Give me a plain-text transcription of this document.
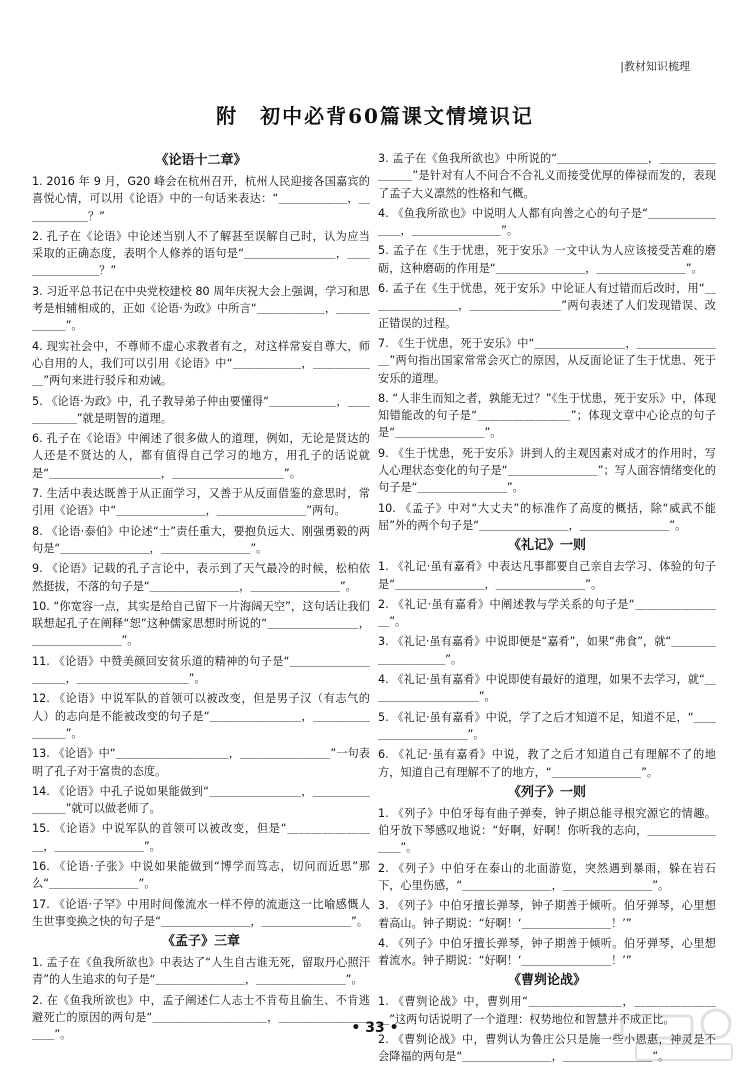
|教材知识梳理
附　初中必背60篇课文情境识记
《论语十二章》
1. 2016 年 9 月，G20 峰会在杭州召开，杭州人民迎接各国嘉宾的喜悦心情，可以用《论语》中的一句话来表达：“＿＿＿＿＿＿，＿＿＿＿＿＿？”
2. 孔子在《论语》中论述当别人不了解甚至误解自己时，认为应当采取的正确态度，表明个人修养的语句是“＿＿＿＿＿＿＿＿，＿＿＿＿＿＿＿＿？”
3. 习近平总书记在中央党校建校 80 周年庆祝大会上强调，学习和思考是相辅相成的，正如《论语·为政》中所言“＿＿＿＿＿＿，＿＿＿＿＿＿”。
4. 现实社会中，不尊师不虚心求教者有之，对这样常妄自尊大，师心自用的人，我们可以引用《论语》中“＿＿＿＿＿＿，＿＿＿＿＿＿”两句来进行驳斥和劝诫。
5. 《论语·为政》中，孔子教导弟子仲由要懂得“＿＿＿＿＿＿，＿＿＿＿＿＿”就是明智的道理。
6. 孔子在《论语》中阐述了很多做人的道理，例如，无论是贤达的人还是不贤达的人，都有值得自己学习的地方，用孔子的话说就是“＿＿＿＿＿＿＿＿＿＿，＿＿＿＿＿＿＿＿＿＿”。
7. 生活中表达既善于从正面学习，又善于从反面借鉴的意思时，常引用《论语》中“＿＿＿＿＿＿＿＿，＿＿＿＿＿＿＿＿”两句。
8. 《论语·泰伯》中论述“士”责任重大，要抱负远大、刚强勇毅的两句是“＿＿＿＿＿＿＿＿，＿＿＿＿＿＿＿＿”。
9. 《论语》记载的孔子言论中，表示到了天气最冷的时候，松柏依然挺拔，不落的句子是“＿＿＿＿＿＿＿＿，＿＿＿＿＿＿＿＿”。
10. “你宽容一点，其实是给自己留下一片海阔天空”，这句话让我们联想起孔子在阐释“恕”这种儒家思想时所说的“＿＿＿＿＿＿＿＿，＿＿＿＿＿＿＿＿”。
11. 《论语》中赞美颜回安贫乐道的精神的句子是“＿＿＿＿＿＿＿＿＿＿，＿＿＿＿＿＿＿＿＿＿”。
12. 《论语》中说军队的首领可以被改变，但是男子汉（有志气的人）的志向是不能被改变的句子是“＿＿＿＿＿＿＿＿，＿＿＿＿＿＿＿＿”。
13. 《论语》中“＿＿＿＿＿＿＿＿＿＿，＿＿＿＿＿＿＿＿”一句表明了孔子对于富贵的态度。
14. 《论语》中孔子说如果能做到“＿＿＿＿＿＿＿＿，＿＿＿＿＿＿＿＿”就可以做老师了。
15. 《论语》中说军队的首领可以被改变，但是“＿＿＿＿＿＿＿＿，＿＿＿＿＿＿＿＿”。
16. 《论语·子张》中说如果能做到“博学而笃志，切问而近思”那么“＿＿＿＿＿＿＿＿”。
17. 《论语·子罕》中用时间像流水一样不停的流逝这一比喻感慨人生世事变换之快的句子是“＿＿＿＿＿＿＿＿，＿＿＿＿＿＿＿＿”。
《孟子》三章
1. 孟子在《鱼我所欲也》中表达了“人生自古谁无死，留取丹心照汗青”的人生追求的句子是“＿＿＿＿＿＿＿＿，＿＿＿＿＿＿＿＿”。
2. 在《鱼我所欲也》中，孟子阐述仁人志士不肯苟且偷生、不肯逃避死亡的原因的两句是“＿＿＿＿＿＿＿＿＿＿，＿＿＿＿＿＿＿＿＿＿”。
3. 孟子在《鱼我所欲也》中所说的“＿＿＿＿＿＿＿＿，＿＿＿＿＿＿＿＿”是针对有人不问合不合礼义而接受优厚的俸禄而发的，表现了孟子大义凛然的性格和气概。
4. 《鱼我所欲也》中说明人人都有向善之心的句子是“＿＿＿＿＿＿＿＿，＿＿＿＿＿＿＿＿”。
5. 孟子在《生于忧患，死于安乐》一文中认为人应该接受苦难的磨砺，这种磨砺的作用是“＿＿＿＿＿＿＿＿，＿＿＿＿＿＿＿＿”。
6. 孟子在《生于忧患，死于安乐》中论证人有过错而后改时，用“＿＿＿＿＿＿＿＿，＿＿＿＿＿＿＿＿”两句表述了人们发现错误、改正错误的过程。
7. 《生于忧患，死于安乐》中“＿＿＿＿＿＿＿＿，＿＿＿＿＿＿＿＿”两句指出国家常常会灭亡的原因，从反面论证了生于忧患、死于安乐的道理。
8. “人非生而知之者，孰能无过？”《生于忧患，死于安乐》中，体现知错能改的句子是“＿＿＿＿＿＿＿＿”；体现文章中心论点的句子是“＿＿＿＿＿＿＿＿”。
9. 《生于忧患，死于安乐》讲到人的主观因素对成才的作用时，写人心理状态变化的句子是“＿＿＿＿＿＿＿＿”；写人面容情绪变化的句子是“＿＿＿＿＿＿＿＿”。
10. 《孟子》中对“大丈夫”的标准作了高度的概括，除“威武不能屈”外的两个句子是“＿＿＿＿＿＿＿＿，＿＿＿＿＿＿＿＿”。
《礼记》一则
1. 《礼记·虽有嘉肴》中表达凡事都要自己亲自去学习、体验的句子是“＿＿＿＿＿＿＿＿，＿＿＿＿＿＿＿＿”。
2. 《礼记·虽有嘉肴》中阐述教与学关系的句子是“＿＿＿＿＿＿＿＿”。
3. 《礼记·虽有嘉肴》中说即便是“嘉肴”，如果“弗食”，就“＿＿＿＿＿＿＿＿＿＿”。
4. 《礼记·虽有嘉肴》中说即使有最好的道理，如果不去学习，就“＿＿＿＿＿＿＿＿＿＿”。
5. 《礼记·虽有嘉肴》中说，学了之后才知道不足，知道不足，“＿＿＿＿＿＿＿＿＿＿”。
6. 《礼记·虽有嘉肴》中说，教了之后才知道自己有理解不了的地方，知道自己有理解不了的地方，“＿＿＿＿＿＿＿＿”。
《列子》一则
1. 《列子》中伯牙每有曲子弹奏，钟子期总能寻根究源它的情趣。伯牙放下琴感叹地说：“好啊，好啊！你听我的志向，＿＿＿＿＿＿＿＿”。
2. 《列子》中伯牙在泰山的北面游览，突然遇到暴雨，躲在岩石下，心里伤感，“＿＿＿＿＿＿＿＿，＿＿＿＿＿＿＿＿”。
3. 《列子》中伯牙擅长弹琴，钟子期善于倾听。伯牙弹琴，心里想着高山。钟子期说：“好啊！‘＿＿＿＿＿＿＿＿！’”
4. 《列子》中伯牙擅长弹琴，钟子期善于倾听。伯牙弹琴，心里想着流水。钟子期说：“好啊！‘＿＿＿＿＿＿＿＿！’”
《曹刿论战》
1. 《曹刿论战》中，曹刿用“＿＿＿＿＿＿＿＿，＿＿＿＿＿＿＿＿”这两句话说明了一个道理：权势地位和智慧并不成正比。
2. 《曹刿论战》中，曹刿认为鲁庄公只是施一些小恩惠，神灵是不会降福的两句是“＿＿＿＿＿＿＿＿，＿＿＿＿＿＿＿＿”。
• 33 •
